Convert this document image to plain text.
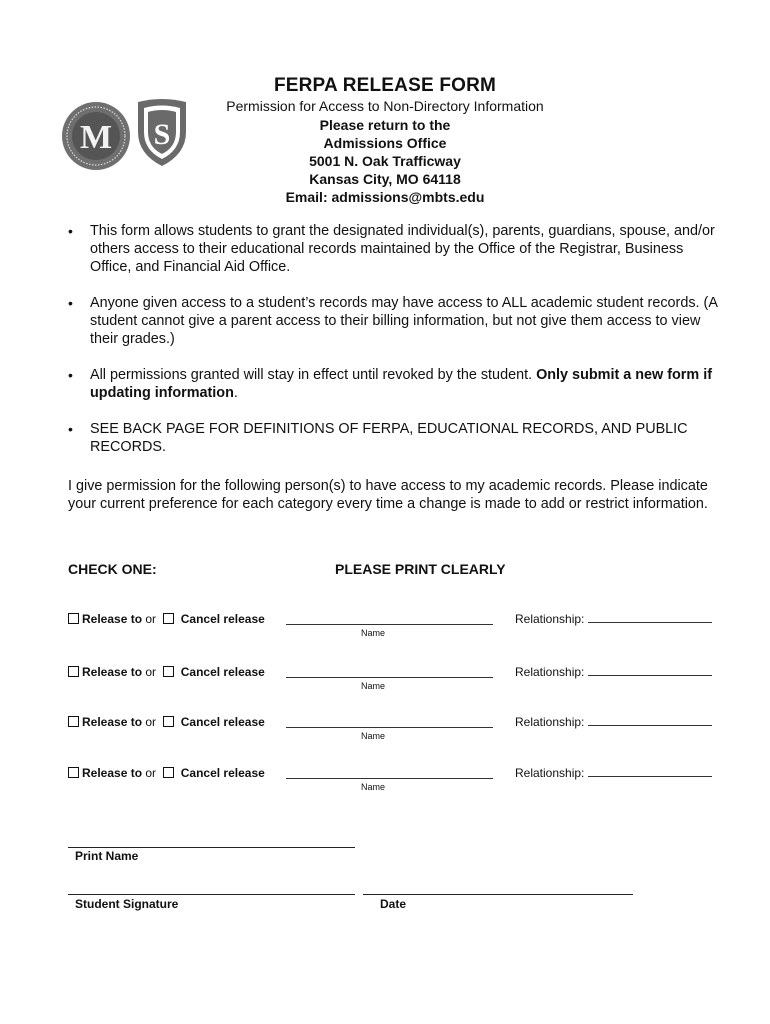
M S
FERPA RELEASE FORM
Permission for Access to Non-Directory Information
Please return to the
Admissions Office
5001 N. Oak Trafficway
Kansas City, MO 64118
Email: admissions@mbts.edu
• This form allows students to grant the designated individual(s), parents, guardians, spouse, and/or others access to their educational records maintained by the Office of the Registrar, Business Office, and Financial Aid Office.
• Anyone given access to a student’s records may have access to ALL academic student records. (A student cannot give a parent access to their billing information, but not give them access to view their grades.)
• All permissions granted will stay in effect until revoked by the student. Only submit a new form if updating information.
• SEE BACK PAGE FOR DEFINITIONS OF FERPA, EDUCATIONAL RECORDS, AND PUBLIC RECORDS.
I give permission for the following person(s) to have access to my academic records. Please indicate your current preference for each category every time a change is made to add or restrict information.
CHECK ONE:	PLEASE PRINT CLEARLY
Release to or Cancel release
Name
Relationship:
Release to or Cancel release
Name
Relationship:
Release to or Cancel release
Name
Relationship:
Release to or Cancel release
Name
Relationship:
Print Name
Student Signature	Date
